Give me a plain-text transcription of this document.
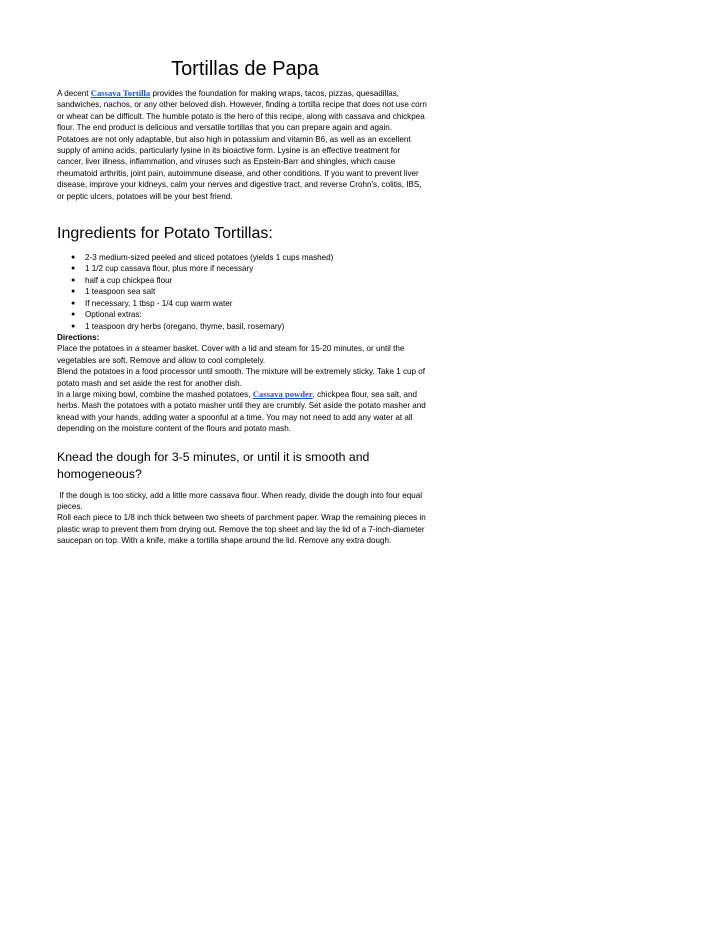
Tortillas de Papa

A decent Cassava Tortilla provides the foundation for making wraps, tacos, pizzas, quesadillas, sandwiches, nachos, or any other beloved dish. However, finding a tortilla recipe that does not use corn or wheat can be difficult. The humble potato is the hero of this recipe, along with cassava and chickpea flour. The end product is delicious and versatile tortillas that you can prepare again and again.

Potatoes are not only adaptable, but also high in potassium and vitamin B6, as well as an excellent supply of amino acids, particularly lysine in its bioactive form. Lysine is an effective treatment for cancer, liver illness, inflammation, and viruses such as Epstein-Barr and shingles, which cause rheumatoid arthritis, joint pain, autoimmune disease, and other conditions. If you want to prevent liver disease, improve your kidneys, calm your nerves and digestive tract, and reverse Crohn's, colitis, IBS, or peptic ulcers, potatoes will be your best friend.

Ingredients for Potato Tortillas:
● 2-3 medium-sized peeled and sliced potatoes (yields 1 cups mashed)
● 1 1/2 cup cassava flour, plus more if necessary
● half a cup chickpea flour
● 1 teaspoon sea salt
● If necessary, 1 tbsp - 1/4 cup warm water
● Optional extras:
● 1 teaspoon dry herbs (oregano, thyme, basil, rosemary)

Directions:

Place the potatoes in a steamer basket. Cover with a lid and steam for 15-20 minutes, or until the vegetables are soft. Remove and allow to cool completely.

Blend the potatoes in a food processor until smooth. The mixture will be extremely sticky. Take 1 cup of potato mash and set aside the rest for another dish.

In a large mixing bowl, combine the mashed potatoes, Cassava powder, chickpea flour, sea salt, and herbs. Mash the potatoes with a potato masher until they are crumbly. Set aside the potato masher and knead with your hands, adding water a spoonful at a time. You may not need to add any water at all depending on the moisture content of the flours and potato mash.

Knead the dough for 3-5 minutes, or until it is smooth and homogeneous?

If the dough is too sticky, add a little more cassava flour. When ready, divide the dough into four equal pieces.

Roll each piece to 1/8 inch thick between two sheets of parchment paper. Wrap the remaining pieces in plastic wrap to prevent them from drying out. Remove the top sheet and lay the lid of a 7-inch-diameter saucepan on top. With a knife, make a tortilla shape around the lid. Remove any extra dough.
